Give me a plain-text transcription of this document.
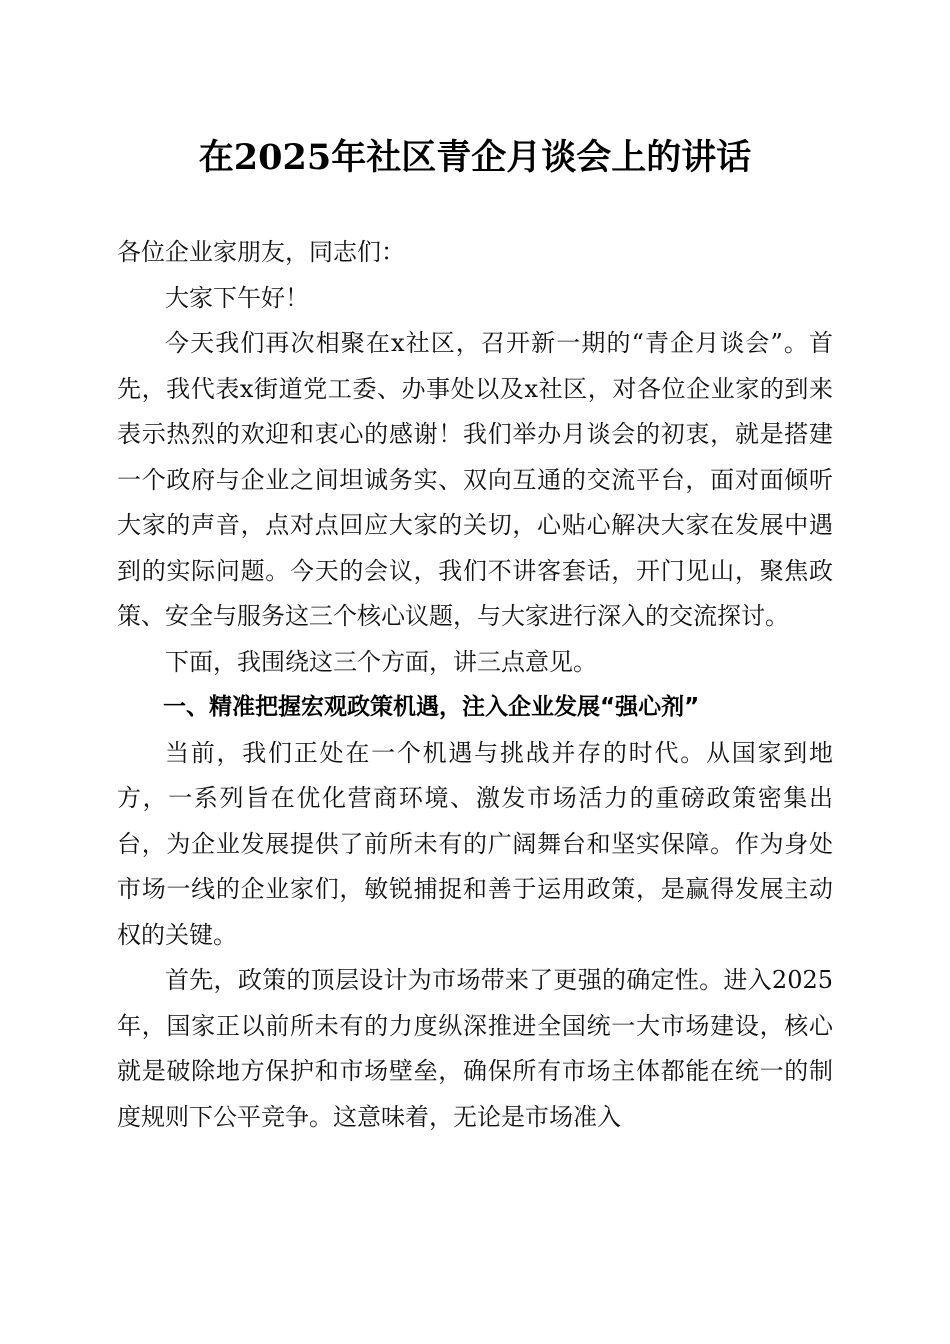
在2025年社区青企月谈会上的讲话

各位企业家朋友，同志们：

大家下午好！

今天我们再次相聚在x社区，召开新一期的“青企月谈会”。首先，我代表x街道党工委、办事处以及x社区，对各位企业家的到来表示热烈的欢迎和衷心的感谢！我们举办月谈会的初衷，就是搭建一个政府与企业之间坦诚务实、双向互通的交流平台，面对面倾听大家的声音，点对点回应大家的关切，心贴心解决大家在发展中遇到的实际问题。今天的会议，我们不讲客套话，开门见山，聚焦政策、安全与服务这三个核心议题，与大家进行深入的交流探讨。

下面，我围绕这三个方面，讲三点意见。

一、精准把握宏观政策机遇，注入企业发展“强心剂”

当前，我们正处在一个机遇与挑战并存的时代。从国家到地方，一系列旨在优化营商环境、激发市场活力的重磅政策密集出台，为企业发展提供了前所未有的广阔舞台和坚实保障。作为身处市场一线的企业家们，敏锐捕捉和善于运用政策，是赢得发展主动权的关键。

首先，政策的顶层设计为市场带来了更强的确定性。进入2025年，国家正以前所未有的力度纵深推进全国统一大市场建设，核心就是破除地方保护和市场壁垒，确保所有市场主体都能在统一的制度规则下公平竞争。这意味着，无论是市场准入
